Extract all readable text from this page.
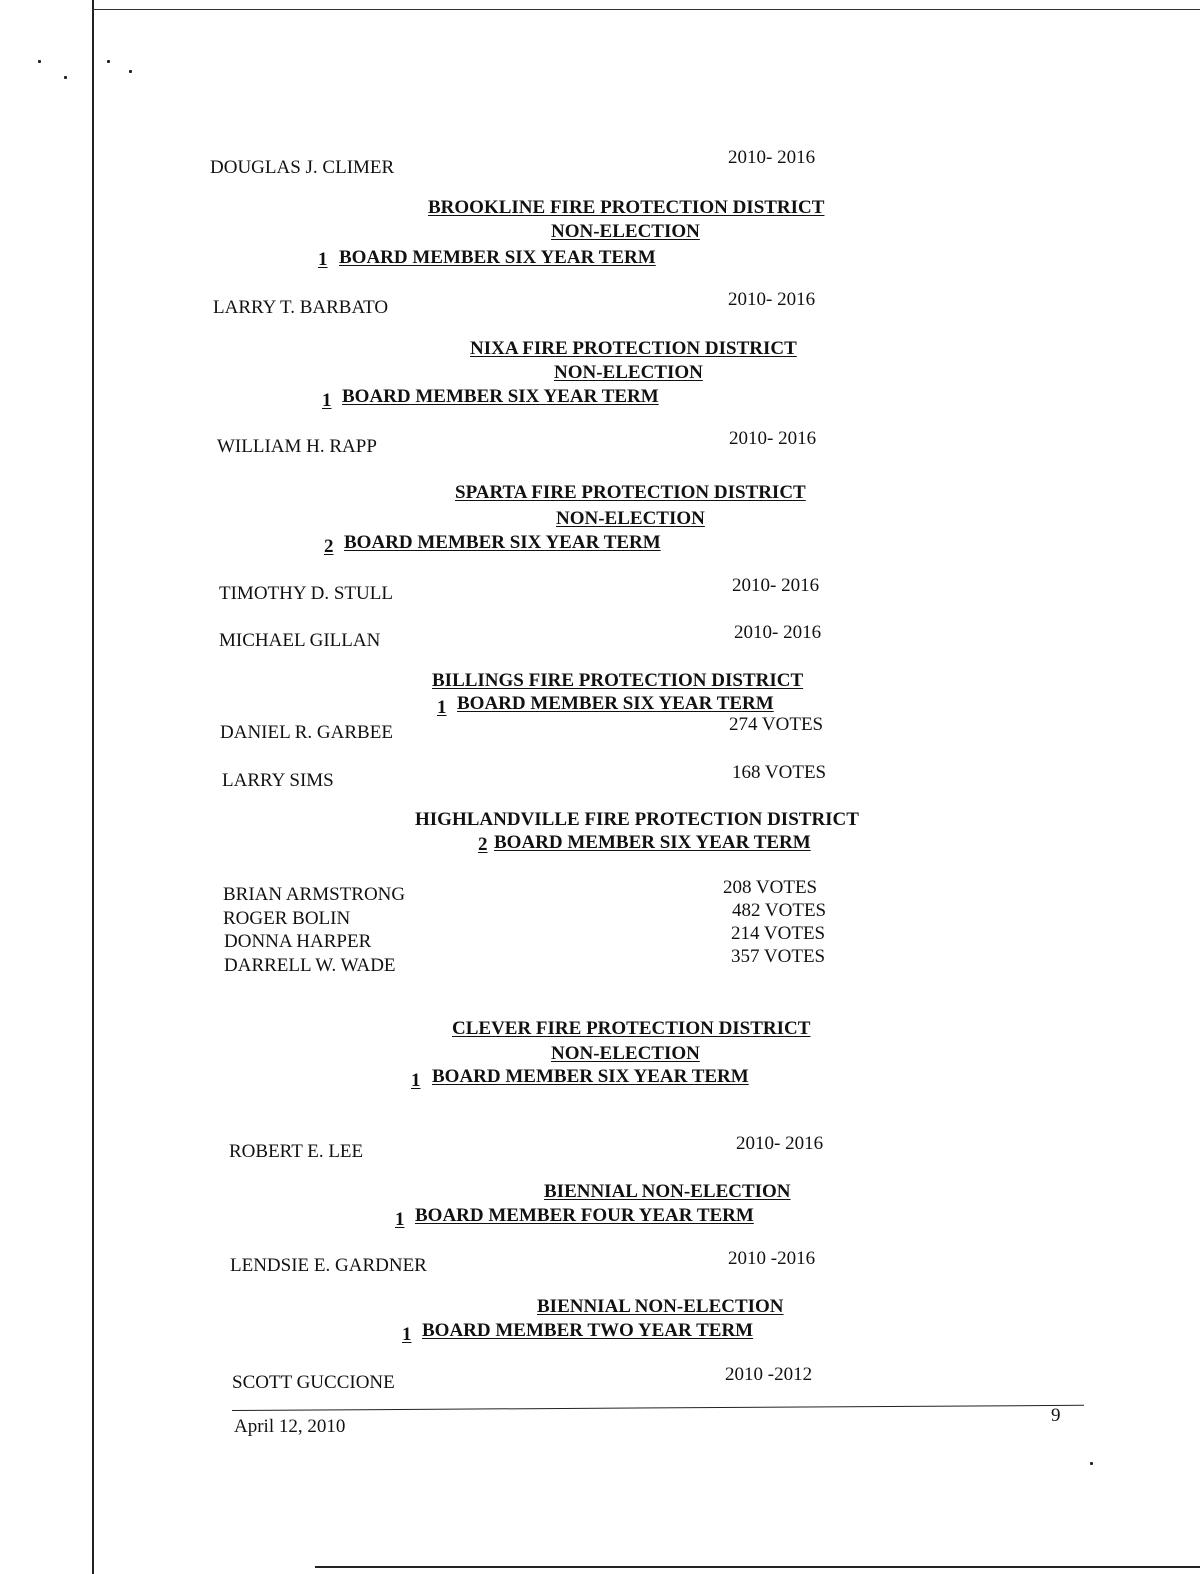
DOUGLAS J. CLIMER	2010- 2016
BROOKLINE FIRE PROTECTION DISTRICT
NON-ELECTION
1 BOARD MEMBER SIX YEAR TERM
LARRY T. BARBATO	2010- 2016
NIXA FIRE PROTECTION DISTRICT
NON-ELECTION
1 BOARD MEMBER SIX YEAR TERM
WILLIAM H. RAPP	2010- 2016
SPARTA FIRE PROTECTION DISTRICT
NON-ELECTION
2 BOARD MEMBER SIX YEAR TERM
TIMOTHY D. STULL	2010- 2016
MICHAEL GILLAN	2010- 2016
BILLINGS FIRE PROTECTION DISTRICT
1 BOARD MEMBER SIX YEAR TERM
DANIEL R. GARBEE	274 VOTES
LARRY SIMS	168 VOTES
HIGHLANDVILLE FIRE PROTECTION DISTRICT
2 BOARD MEMBER SIX YEAR TERM
BRIAN ARMSTRONG	208 VOTES
ROGER BOLIN	482 VOTES
DONNA HARPER	214 VOTES
DARRELL W. WADE	357 VOTES
CLEVER FIRE PROTECTION DISTRICT
NON-ELECTION
1 BOARD MEMBER SIX YEAR TERM
ROBERT E. LEE	2010- 2016
BIENNIAL NON-ELECTION
1 BOARD MEMBER FOUR YEAR TERM
LENDSIE E. GARDNER	2010 -2016
BIENNIAL NON-ELECTION
1 BOARD MEMBER TWO YEAR TERM
SCOTT GUCCIONE	2010 -2012
April 12, 2010
9
